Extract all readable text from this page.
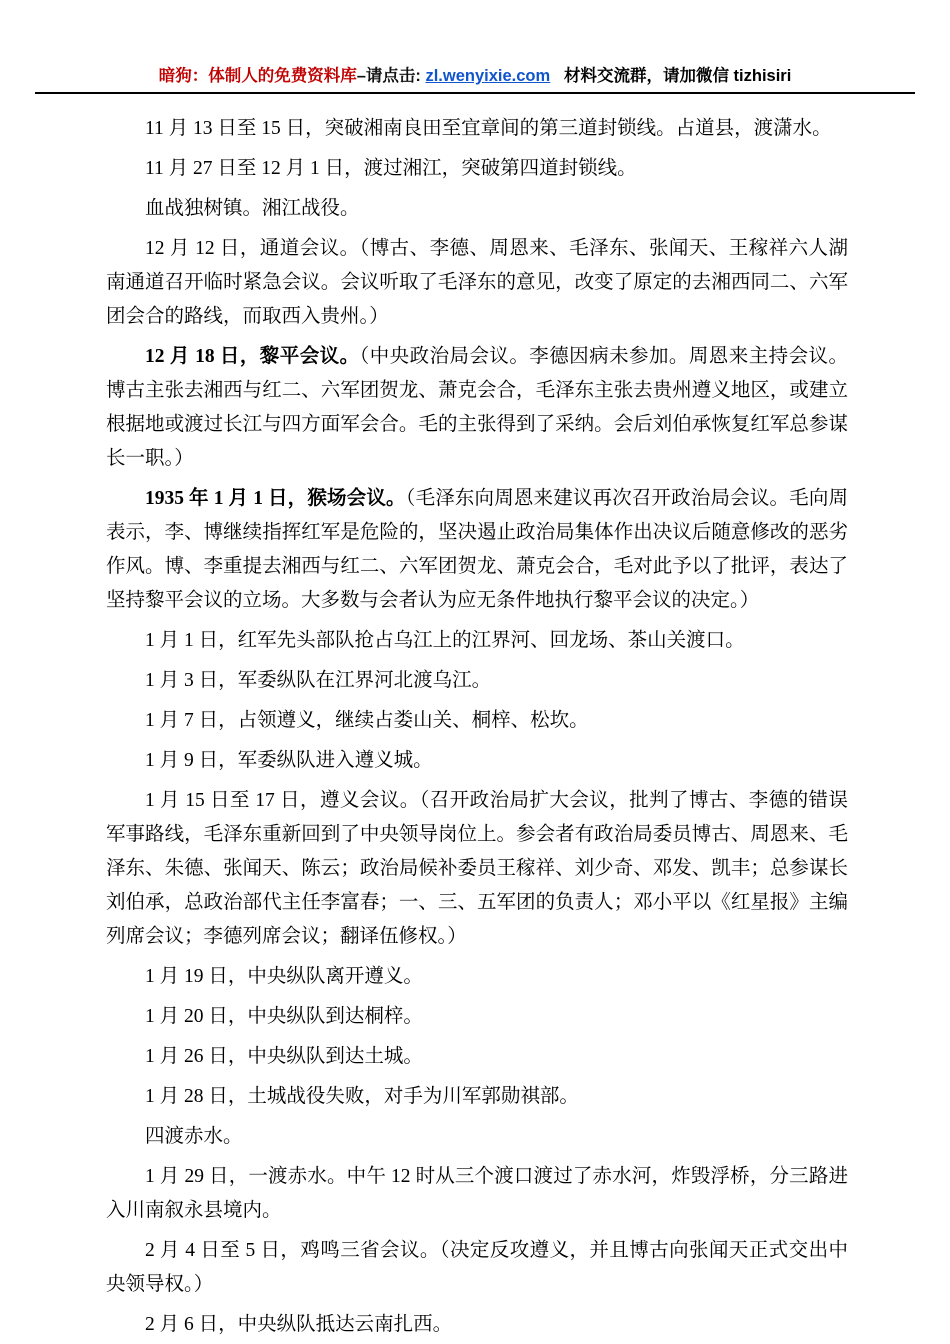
暗狗：体制人的免费资料库–请点击: zl.wenyixie.com 材料交流群，请加微信 tizhisiri

11 月 13 日至 15 日，突破湘南良田至宜章间的第三道封锁线。占道县，渡潇水。

11 月 27 日至 12 月 1 日，渡过湘江，突破第四道封锁线。

血战独树镇。湘江战役。

12 月 12 日，通道会议。（博古、李德、周恩来、毛泽东、张闻天、王稼祥六人湖南通道召开临时紧急会议。会议听取了毛泽东的意见，改变了原定的去湘西同二、六军团会合的路线，而取西入贵州。）

12 月 18 日，黎平会议。（中央政治局会议。李德因病未参加。周恩来主持会议。博古主张去湘西与红二、六军团贺龙、萧克会合，毛泽东主张去贵州遵义地区，或建立根据地或渡过长江与四方面军会合。毛的主张得到了采纳。会后刘伯承恢复红军总参谋长一职。）

1935 年 1 月 1 日，猴场会议。（毛泽东向周恩来建议再次召开政治局会议。毛向周表示，李、博继续指挥红军是危险的，坚决遏止政治局集体作出决议后随意修改的恶劣作风。博、李重提去湘西与红二、六军团贺龙、萧克会合，毛对此予以了批评，表达了坚持黎平会议的立场。大多数与会者认为应无条件地执行黎平会议的决定。）

1 月 1 日，红军先头部队抢占乌江上的江界河、回龙场、茶山关渡口。

1 月 3 日，军委纵队在江界河北渡乌江。

1 月 7 日，占领遵义，继续占娄山关、桐梓、松坎。

1 月 9 日，军委纵队进入遵义城。

1 月 15 日至 17 日，遵义会议。（召开政治局扩大会议，批判了博古、李德的错误军事路线，毛泽东重新回到了中央领导岗位上。参会者有政治局委员博古、周恩来、毛泽东、朱德、张闻天、陈云；政治局候补委员王稼祥、刘少奇、邓发、凯丰；总参谋长刘伯承，总政治部代主任李富春；一、三、五军团的负责人；邓小平以《红星报》主编列席会议；李德列席会议；翻译伍修权。）

1 月 19 日，中央纵队离开遵义。

1 月 20 日，中央纵队到达桐梓。

1 月 26 日，中央纵队到达土城。

1 月 28 日，土城战役失败，对手为川军郭勋祺部。

四渡赤水。

1 月 29 日，一渡赤水。中午 12 时从三个渡口渡过了赤水河，炸毁浮桥，分三路进入川南叙永县境内。

2 月 4 日至 5 日，鸡鸣三省会议。（决定反攻遵义，并且博古向张闻天正式交出中央领导权。）

2 月 6 日，中央纵队抵达云南扎西。
